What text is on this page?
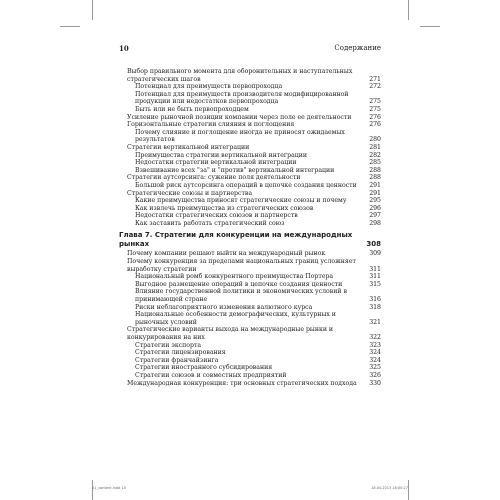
10	Содержание
Выбор правильного момента для оборонительных и наступательных стратегических шагов	271
Потенциал для преимуществ первопроходца	272
Потенциал для преимуществ производителя модифицированной продукции или недостатков первопроходца	275
Быть или не быть первопроходцем	275
Усиление рыночной позиции компании через поле ее деятельности	276
Горизонтальные стратегии слияния и поглощения	276
Почему слияние и поглощение иногда не приносят ожидаемых результатов	280
Стратегии вертикальной интеграции	281
Преимущества стратегии вертикальной интеграции	282
Недостатки стратегии вертикальной интеграции	285
Взвешивание всех "за" и "против" вертикальной интеграции	288
Стратегии аутсорсинга: сужение поля деятельности	288
Большой риск аутсорсинга операций в цепочке создания ценности	291
Стратегические союзы и партнерства	291
Какие преимущества приносят стратегические союзы и почему	295
Как извлечь преимущества из стратегических союзов	296
Недостатки стратегических союзов и партнерств	297
Как заставить работать стратегический союз	298
Глава 7. Стратегии для конкуренции на международных рынках	308
Почему компании решают выйти на международный рынок	309
Почему конкуренция за пределами национальных границ усложняет выработку стратегии	311
Национальный ромб конкурентного преимущества Портера	311
Выгодное размещение операций в цепочке создания ценности	315
Влияние государственной политики и экономических условий в принимающей стране	316
Риски неблагоприятного изменения валютного курса	318
Национальные особенности демографических, культурных и рыночных условий	321
Стратегические варианты выхода на международные рынки и конкурирования на них	322
Стратегии экспорта	323
Стратегии лицензирования	324
Стратегии франчайзинга	324
Стратегии иностранного субсидирования	325
Стратегии союзов и совместных предприятий	326
Международная конкуренция: три основных стратегических подхода	330
01_content.indd 10	18.04.2013 18:00:27
